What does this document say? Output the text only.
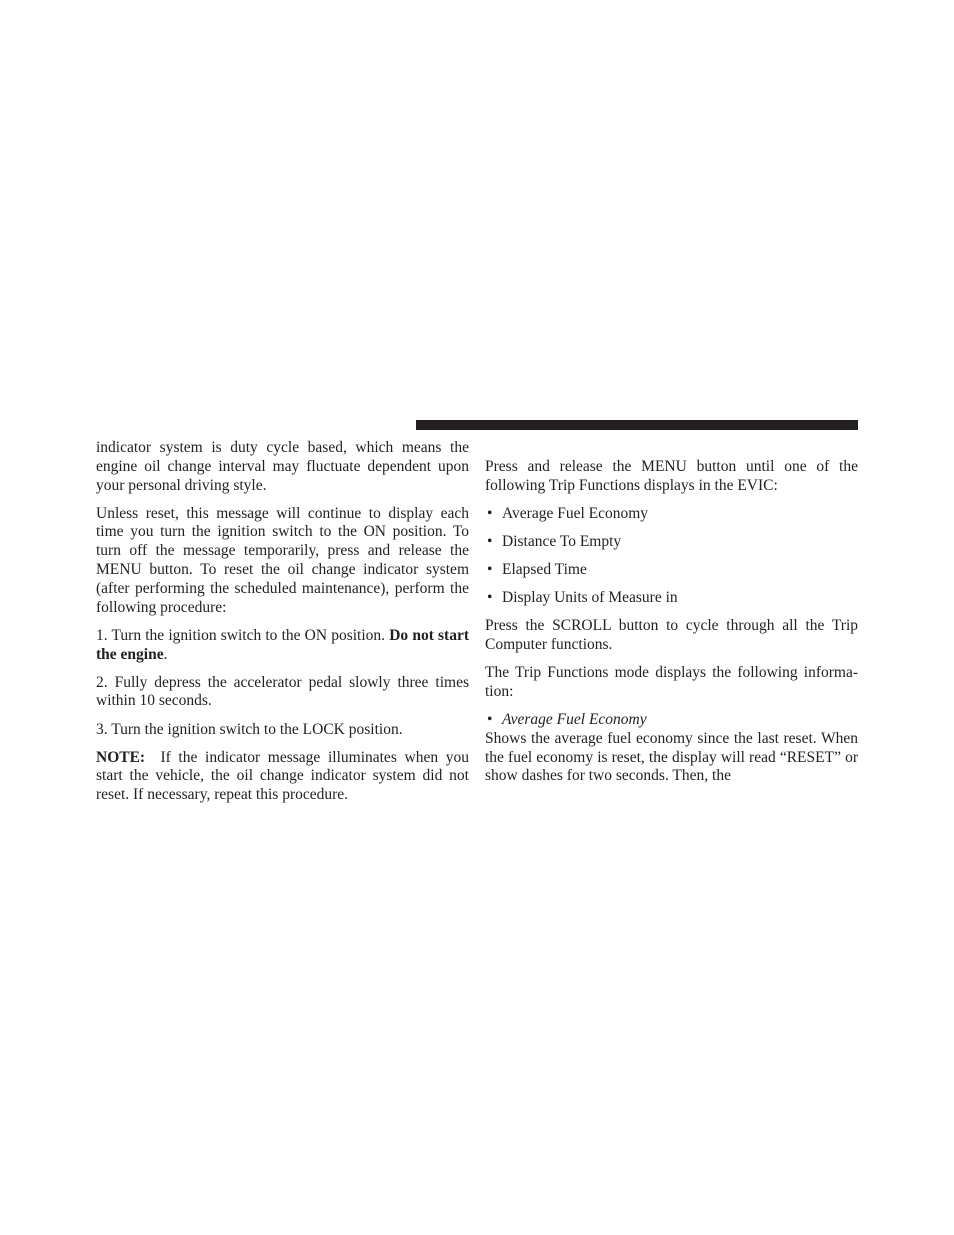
indicator system is duty cycle based, which means the engine oil change interval may fluctuate dependent upon your personal driving style.

Unless reset, this message will continue to display each time you turn the ignition switch to the ON position. To turn off the message temporarily, press and release the MENU button. To reset the oil change indicator system (after performing the scheduled maintenance), perform the following procedure:

1. Turn the ignition switch to the ON position. Do not start the engine.

2. Fully depress the accelerator pedal slowly three times within 10 seconds.

3. Turn the ignition switch to the LOCK position.

NOTE: If the indicator message illuminates when you start the vehicle, the oil change indicator system did not reset. If necessary, repeat this procedure.

Press and release the MENU button until one of the following Trip Functions displays in the EVIC:

• Average Fuel Economy
• Distance To Empty
• Elapsed Time
• Display Units of Measure in

Press the SCROLL button to cycle through all the Trip Computer functions.

The Trip Functions mode displays the following informa-tion:

• Average Fuel Economy

Shows the average fuel economy since the last reset. When the fuel economy is reset, the display will read “RESET” or show dashes for two seconds. Then, the
